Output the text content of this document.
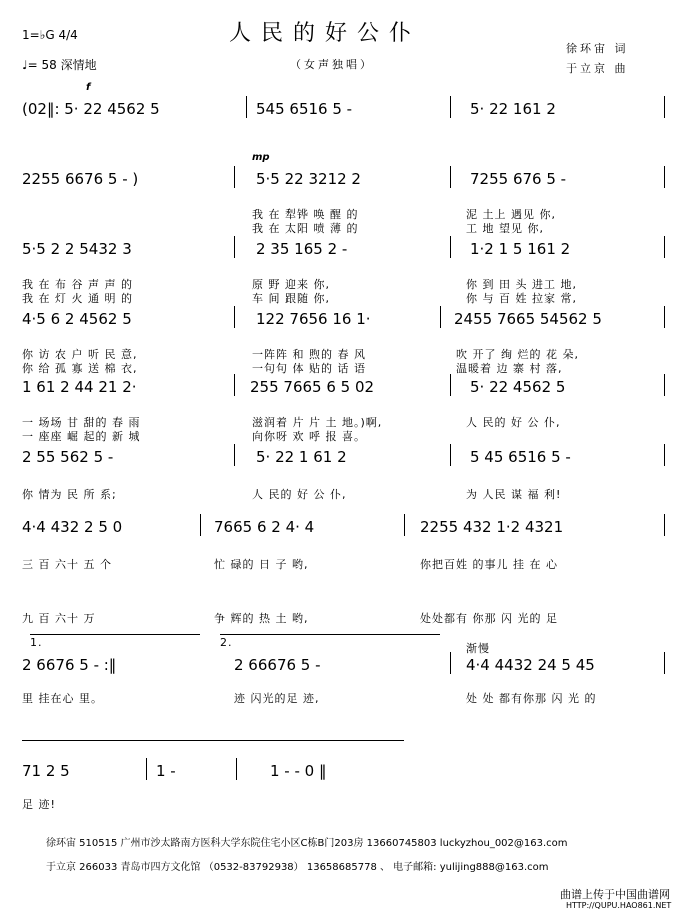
人民的好公仆
1=♭G 4/4
♩= 58 深情地	（女声独唱）
徐环宙 词
于立京 曲
f
(02‖: 5· 22 4562 5	545 6516 5 -	5· 22 161 2
mp
2255 6676 5 - )	5·5 22 3212 2	7255 676 5 -
我 在 犁铧 唤 醒 的	泥 土上 遇见 你,
我 在 太阳 喷 薄 的	工 地 望见 你,
5·5 2 2 5432 3	2 35 165 2 -	1·2 1 5 161 2
我 在 布 谷 声 声 的	原 野 迎来 你,	你 到 田 头 进工 地,
我 在 灯 火 通 明 的	车 间 跟随 你,	你 与 百 姓 拉家 常,
4·5 6 2 4562 5	122 7656 16 1·	2455 7665 54562 5
你 访 农 户 听 民 意,	一阵阵 和 煦的 春 风	吹 开了 绚 烂的 花 朵,
你 给 孤 寡 送 棉 衣,	一句句 体 贴的 话 语	温暖着 边 寨 村 落,
1 61 2 44 21 2·	255 7665 6 5 02	5· 22 4562 5
一 场场 甘 甜的 春 雨	滋润着 片 片 土 地。)啊,	人 民的 好 公 仆,
一 座座 崛 起的 新 城	向你呀 欢 呼 报 喜。
2 55 562 5 -	5· 22 1 61 2	5 45 6516 5 -
你 情为 民 所 系;	人 民的 好 公 仆,	为 人民 谋 福 利!
4·4 432 2 5 0	7665 6 2 4· 4	2255 432 1·2 4321
三 百 六十 五 个	忙 碌的 日 子 哟,	你把百姓 的事儿 挂 在 心
九 百 六十 万	争 辉的 热 土 哟,	处处都有 你那 闪 光的 足
1.	2.	渐慢
2 6676 5 - :‖	2 66676 5 -	4·4 4432 24 5 45
里 挂在心 里。	迹 闪光的足 迹,	处 处 都有你那 闪 光 的
71 2 5	1 -	1 - - 0 ‖
足 迹!
徐环宙 510515 广州市沙太路南方医科大学东院住宅小区C栋B门203房 13660745803 luckyzhou_002@163.com
于立京 266033 青岛市四方文化馆 （0532-83792938） 13658685778 、 电子邮箱: yulijing888@163.com
曲谱上传于中国曲谱网
HTTP://QUPU.HAO861.NET
